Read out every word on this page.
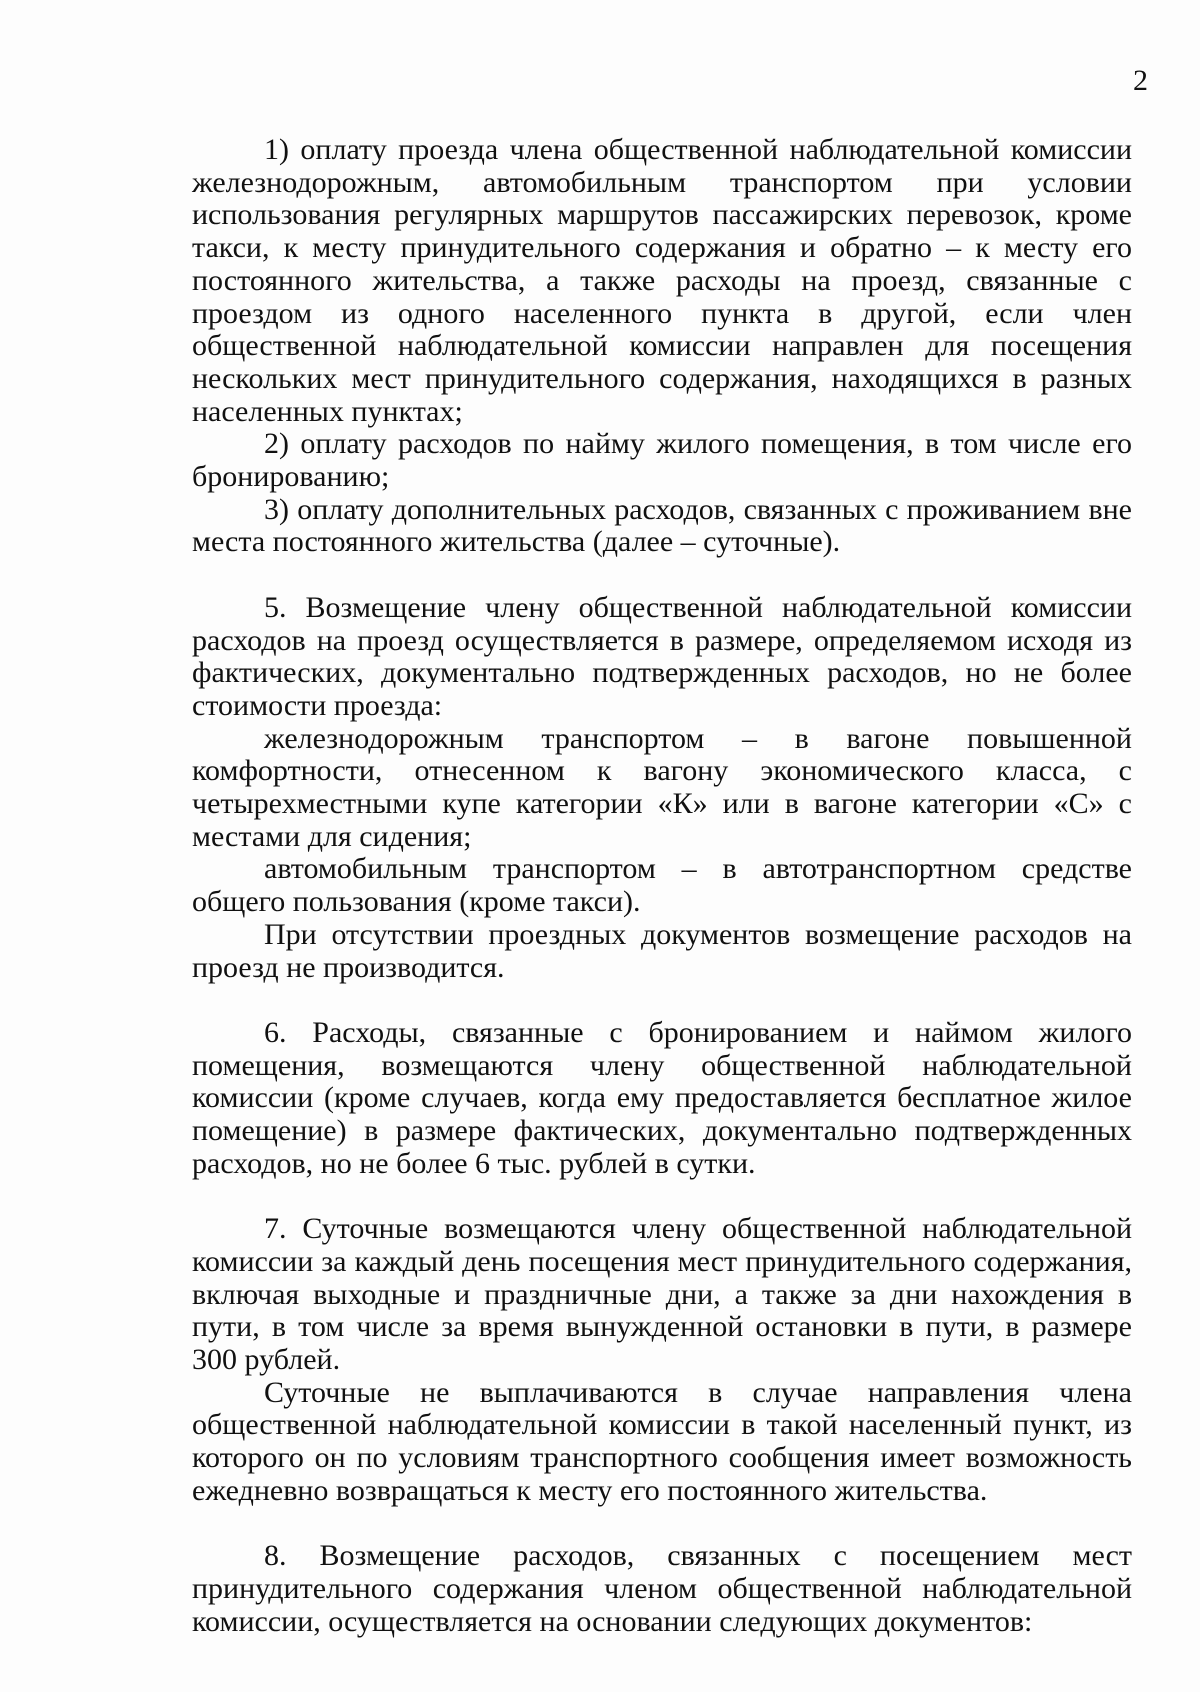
2

1) оплату проезда члена общественной наблюдательной комиссии железнодорожным, автомобильным транспортом при условии использования регулярных маршрутов пассажирских перевозок, кроме такси, к месту принудительного содержания и обратно – к месту его постоянного жительства, а также расходы на проезд, связанные с проездом из одного населенного пункта в другой, если член общественной наблюдательной комиссии направлен для посещения нескольких мест принудительного содержания, находящихся в разных населенных пунктах;

2) оплату расходов по найму жилого помещения, в том числе его бронированию;

3) оплату дополнительных расходов, связанных с проживанием вне места постоянного жительства (далее – суточные).

5. Возмещение члену общественной наблюдательной комиссии расходов на проезд осуществляется в размере, определяемом исходя из фактических, документально подтвержденных расходов, но не более стоимости проезда:

железнодорожным транспортом – в вагоне повышенной комфортности, отнесенном к вагону экономического класса, с четырехместными купе категории «К» или в вагоне категории «С» с местами для сидения;

автомобильным транспортом – в автотранспортном средстве общего пользования (кроме такси).

При отсутствии проездных документов возмещение расходов на проезд не производится.

6. Расходы, связанные с бронированием и наймом жилого помещения, возмещаются члену общественной наблюдательной комиссии (кроме случаев, когда ему предоставляется бесплатное жилое помещение) в размере фактических, документально подтвержденных расходов, но не более 6 тыс. рублей в сутки.

7. Суточные возмещаются члену общественной наблюдательной комиссии за каждый день посещения мест принудительного содержания, включая выходные и праздничные дни, а также за дни нахождения в пути, в том числе за время вынужденной остановки в пути, в размере 300 рублей.

Суточные не выплачиваются в случае направления члена общественной наблюдательной комиссии в такой населенный пункт, из которого он по условиям транспортного сообщения имеет возможность ежедневно возвращаться к месту его постоянного жительства.

8. Возмещение расходов, связанных с посещением мест принудительного содержания членом общественной наблюдательной комиссии, осуществляется на основании следующих документов:
